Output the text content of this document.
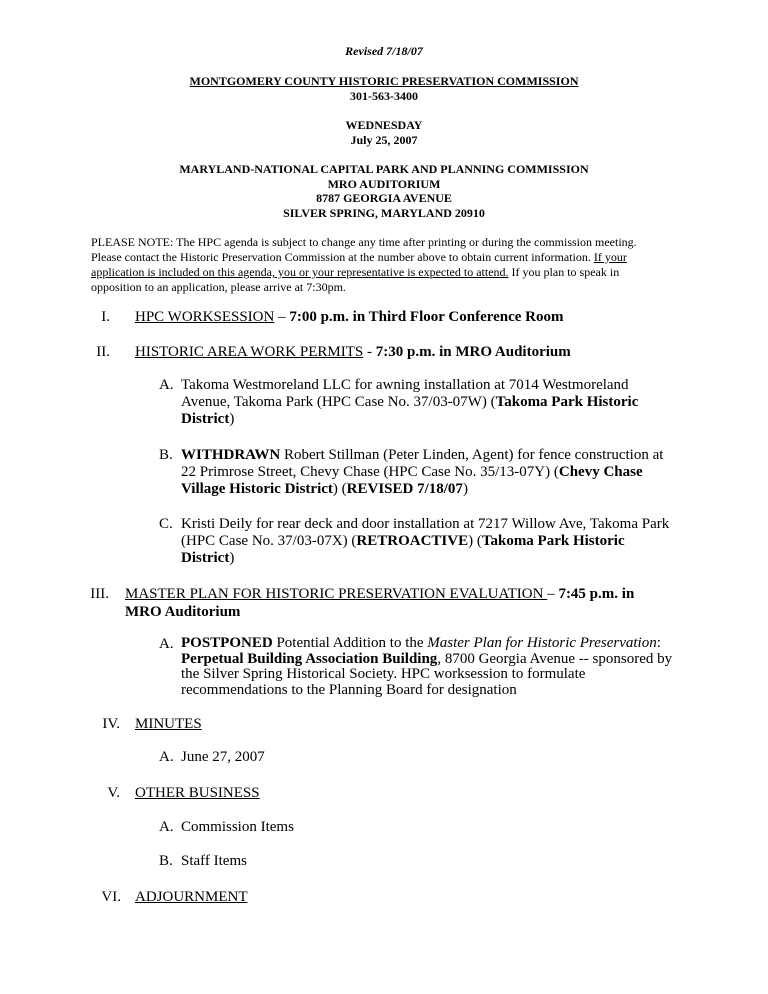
Revised 7/18/07
MONTGOMERY COUNTY HISTORIC PRESERVATION COMMISSION
301-563-3400
WEDNESDAY
July 25, 2007
MARYLAND-NATIONAL CAPITAL PARK AND PLANNING COMMISSION
MRO AUDITORIUM
8787 GEORGIA AVENUE
SILVER SPRING, MARYLAND 20910
PLEASE NOTE: The HPC agenda is subject to change any time after printing or during the commission meeting.
Please contact the Historic Preservation Commission at the number above to obtain current information. If your
application is included on this agenda, you or your representative is expected to attend. If you plan to speak in
opposition to an application, please arrive at 7:30pm.
I. HPC WORKSESSION – 7:00 p.m. in Third Floor Conference Room
II. HISTORIC AREA WORK PERMITS - 7:30 p.m. in MRO Auditorium
A. Takoma Westmoreland LLC for awning installation at 7014 Westmoreland
Avenue, Takoma Park (HPC Case No. 37/03-07W) (Takoma Park Historic
District)
B. WITHDRAWN Robert Stillman (Peter Linden, Agent) for fence construction at
22 Primrose Street, Chevy Chase (HPC Case No. 35/13-07Y) (Chevy Chase
Village Historic District) (REVISED 7/18/07)
C. Kristi Deily for rear deck and door installation at 7217 Willow Ave, Takoma Park
(HPC Case No. 37/03-07X) (RETROACTIVE) (Takoma Park Historic
District)
III. MASTER PLAN FOR HISTORIC PRESERVATION EVALUATION – 7:45 p.m. in
MRO Auditorium
A. POSTPONED Potential Addition to the Master Plan for Historic Preservation:
Perpetual Building Association Building, 8700 Georgia Avenue -- sponsored by
the Silver Spring Historical Society. HPC worksession to formulate
recommendations to the Planning Board for designation
IV. MINUTES
A. June 27, 2007
V. OTHER BUSINESS
A. Commission Items
B. Staff Items
VI. ADJOURNMENT
